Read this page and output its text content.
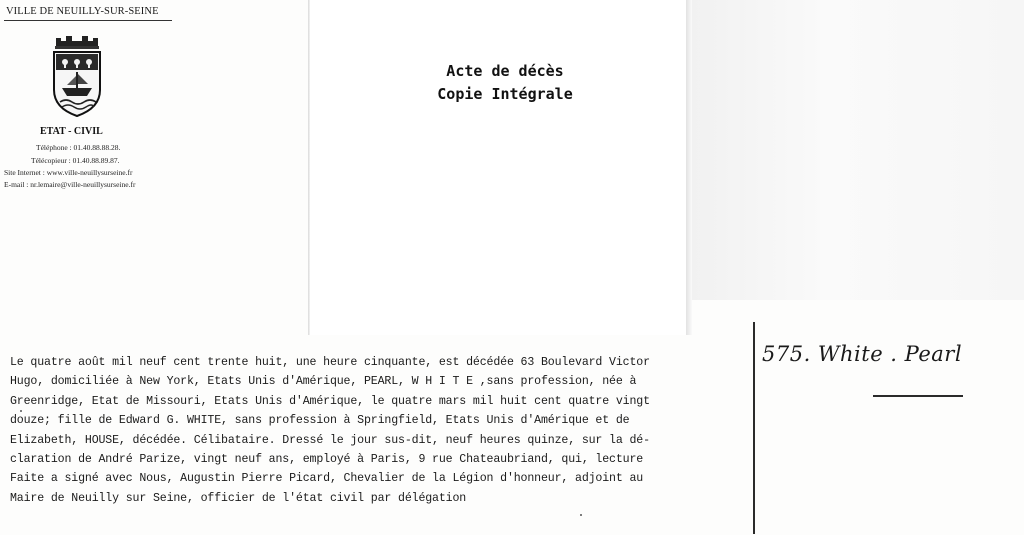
VILLE DE NEUILLY-SUR-SEINE
ETAT - CIVIL
Téléphone : 01.40.88.88.28.
Télécopieur : 01.40.88.89.87.
Site Internet : www.ville-neuillysurseine.fr
E-mail : nr.lemaire@ville-neuillysurseine.fr
Acte de décès
Copie Intégrale
Le quatre août mil neuf cent trente huit, une heure cinquante, est décédée 63 Boulevard Victor
Hugo, domiciliée à New York, Etats Unis d'Amérique, PEARL, W H I T E ,sans profession, née à
Greenridge, Etat de Missouri, Etats Unis d'Amérique, le quatre mars mil huit cent quatre vingt
douze; fille de Edward G. WHITE, sans profession à Springfield, Etats Unis d'Amérique et de
Elizabeth, HOUSE, décédée. Célibataire. Dressé le jour sus-dit, neuf heures quinze, sur la dé-
claration de André Parize, vingt neuf ans, employé à Paris, 9 rue Chateaubriand, qui, lecture
Faite a signé avec Nous, Augustin Pierre Picard, Chevalier de la Légion d'honneur, adjoint au
Maire de Neuilly sur Seine, officier de l'état civil par délégation
575. White . Pearl
